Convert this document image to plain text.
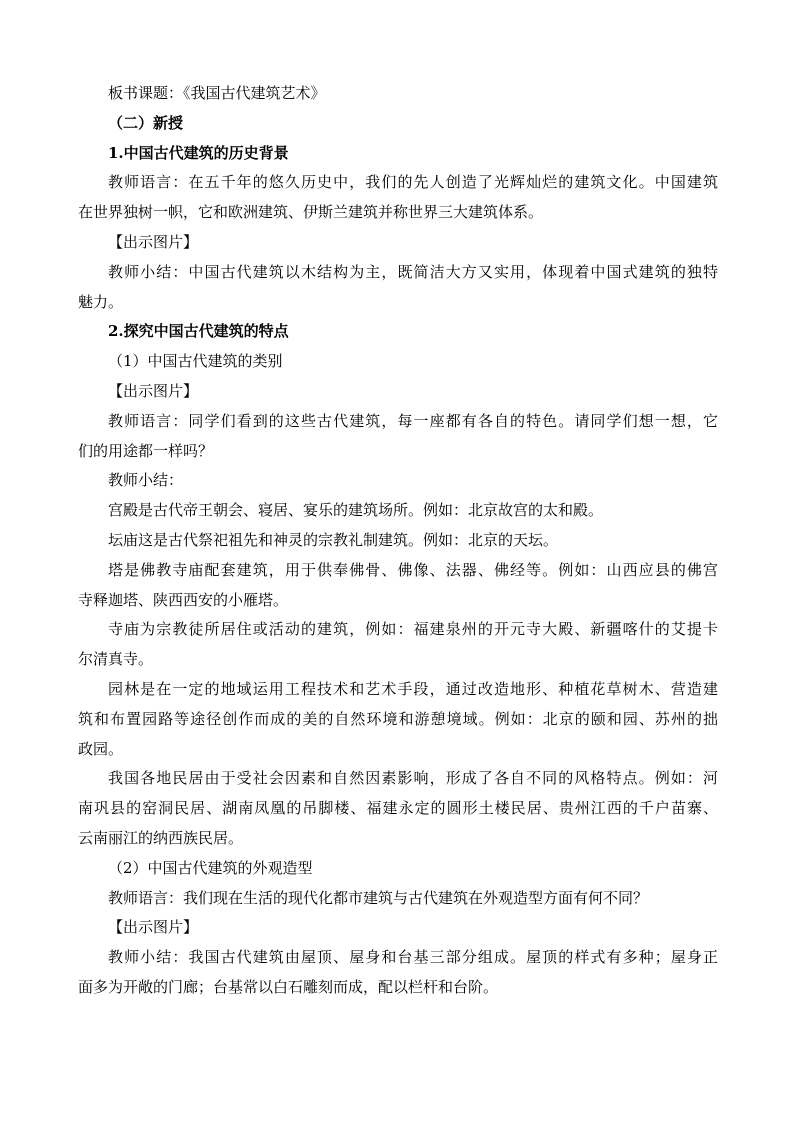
板书课题：《我国古代建筑艺术》
（二）新授
1.中国古代建筑的历史背景
教师语言：在五千年的悠久历史中，我们的先人创造了光辉灿烂的建筑文化。中国建筑
在世界独树一帜，它和欧洲建筑、伊斯兰建筑并称世界三大建筑体系。
【出示图片】
教师小结：中国古代建筑以木结构为主，既简洁大方又实用，体现着中国式建筑的独特
魅力。
2.探究中国古代建筑的特点
（1）中国古代建筑的类别
【出示图片】
教师语言：同学们看到的这些古代建筑，每一座都有各自的特色。请同学们想一想，它
们的用途都一样吗？
教师小结：
宫殿是古代帝王朝会、寝居、宴乐的建筑场所。例如：北京故宫的太和殿。
坛庙这是古代祭祀祖先和神灵的宗教礼制建筑。例如：北京的天坛。
塔是佛教寺庙配套建筑，用于供奉佛骨、佛像、法器、佛经等。例如：山西应县的佛宫
寺释迦塔、陕西西安的小雁塔。
寺庙为宗教徒所居住或活动的建筑，例如：福建泉州的开元寺大殿、新疆喀什的艾提卡
尔清真寺。
园林是在一定的地域运用工程技术和艺术手段，通过改造地形、种植花草树木、营造建
筑和布置园路等途径创作而成的美的自然环境和游憩境域。例如：北京的颐和园、苏州的拙
政园。
我国各地民居由于受社会因素和自然因素影响，形成了各自不同的风格特点。例如：河
南巩县的窑洞民居、湖南凤凰的吊脚楼、福建永定的圆形土楼民居、贵州江西的千户苗寨、
云南丽江的纳西族民居。
（2）中国古代建筑的外观造型
教师语言：我们现在生活的现代化都市建筑与古代建筑在外观造型方面有何不同？
【出示图片】
教师小结：我国古代建筑由屋顶、屋身和台基三部分组成。屋顶的样式有多种；屋身正
面多为开敞的门廊；台基常以白石雕刻而成，配以栏杆和台阶。
